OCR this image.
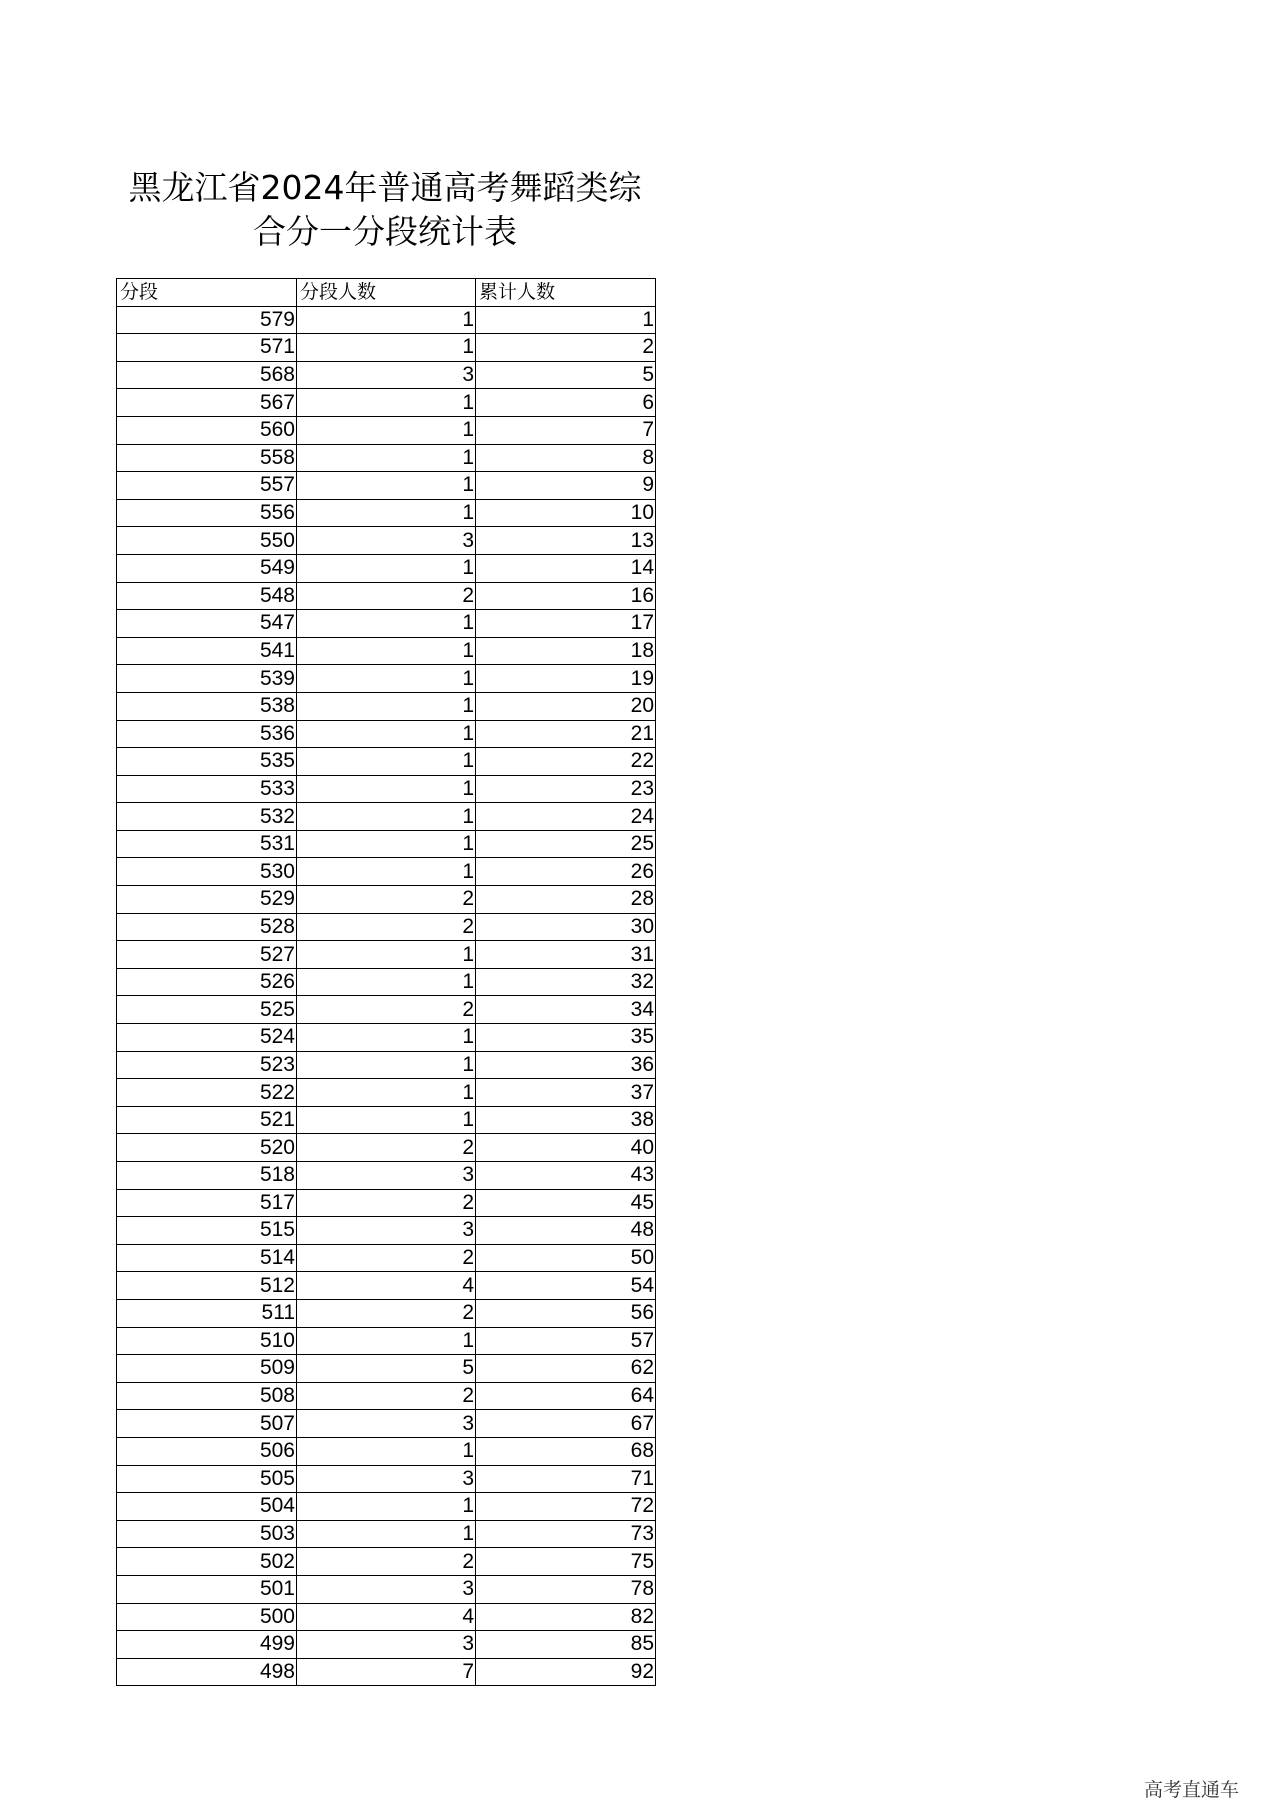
黑龙江省2024年普通高考舞蹈类综
合分一分段统计表
分段	分段人数	累计人数
579	1	1
571	1	2
568	3	5
567	1	6
560	1	7
558	1	8
557	1	9
556	1	10
550	3	13
549	1	14
548	2	16
547	1	17
541	1	18
539	1	19
538	1	20
536	1	21
535	1	22
533	1	23
532	1	24
531	1	25
530	1	26
529	2	28
528	2	30
527	1	31
526	1	32
525	2	34
524	1	35
523	1	36
522	1	37
521	1	38
520	2	40
518	3	43
517	2	45
515	3	48
514	2	50
512	4	54
511	2	56
510	1	57
509	5	62
508	2	64
507	3	67
506	1	68
505	3	71
504	1	72
503	1	73
502	2	75
501	3	78
500	4	82
499	3	85
498	7	92
高考直通车
